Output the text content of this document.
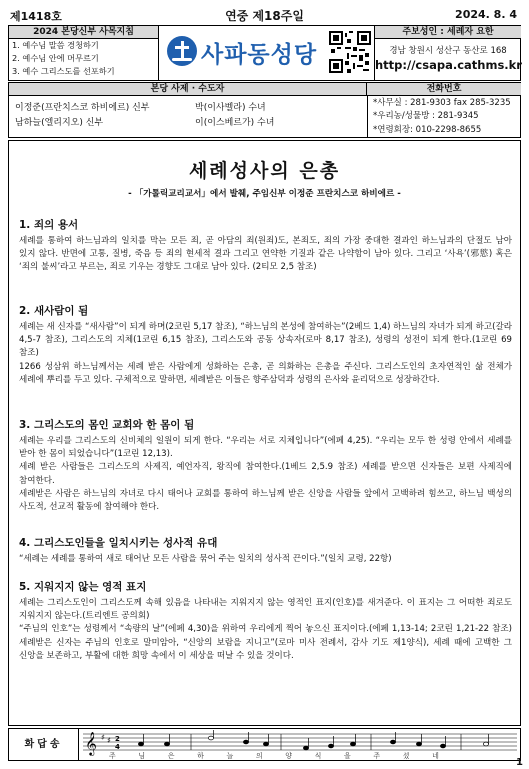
제1418호	연중 제18주일	2024. 8. 4
2024 본당신부 사목지침
1. 예수님 말씀 경청하기
2. 예수님 안에 머무르기
3. 예수 그리스도를 선포하기
사파동성당
주보성인 : 세례자 요한
경남 창원시 성산구 동산로 168
http://csapa.cathms.kr
본당 사제 · 수도자	전화번호
이정준(프란치스코 하비에르) 신부
남하늘(엘리지오) 신부
박(이사벨라) 수녀
이(이스베르가) 수녀
*사무실 : 281-9303 fax 285-3235
*우리농/성물방 : 281-9345
*연령회장: 010-2298-8655
세례성사의 은총
- 「가톨릭교리교서」에서 발췌, 주임신부 이정준 프란치스코 하비에르 -
1. 죄의 용서

세례를 통하여 하느님과의 일치를 막는 모든 죄, 곧 아담의 죄(원죄)도, 본죄도, 죄의 가장 중대한 결과인 하느님과의 단절도 남아 있지 않다. 반면에 고통, 질병, 죽음 등 죄의 현세적 결과 그리고 연약한 기질과 같은 나약함이 남아 있다. 그리고 ‘사욕’(邪慾) 혹은 ‘죄의 불씨’라고 부르는, 죄로 기우는 경향도 그대로 남아 있다. (2티모 2,5 참조)

2. 새사람이 됨

세례는 새 신자를 “새사람”이 되게 하며(2코린 5,17 참조), “하느님의 본성에 참여하는”(2베드 1,4) 하느님의 자녀가 되게 하고(갈라 4,5-7 참조), 그리스도의 지체(1코린 6,15 참조), 그리스도와 공동 상속자(로마 8,17 참조), 성령의 성전이 되게 한다.(1코린 69 참조)

1266 성삼위 하느님께서는 세례 받은 사람에게 성화하는 은총, 곧 의화하는 은총을 주신다. 그리스도인의 초자연적인 삶 전체가 세례에 뿌리를 두고 있다. 구체적으로 말하면, 세례받은 이들은 향주삼덕과 성령의 은사와 윤리덕으로 성장하간다.

3. 그리스도의 몸인 교회와 한 몸이 됨

세례는 우리를 그리스도의 신비체의 일원이 되게 한다. “우리는 서로 지체입니다”(에페 4,25). “우리는 모두 한 성령 안에서 세례를 받아 한 몸이 되었습니다”(1코린 12,13).

세례 받은 사람들은 그리스도의 사제직, 예언자직, 왕직에 참여한다.(1베드 2,5.9 참조) 세례를 받으면 신자들은 보편 사제직에 참여한다.

세례받은 사람은 하느님의 자녀로 다시 태어나 교회를 통하여 하느님께 받은 신앙을 사람들 앞에서 고백하려 힘쓰고, 하느님 백성의 사도적, 선교적 활동에 참여해야 한다.

4. 그리스도인들을 일치시키는 성사적 유대

“세례는 세례를 통하여 새로 태어난 모든 사람을 묶어 주는 일치의 성사적 끈이다.”(일치 교령, 22항)

5. 지워지지 않는 영적 표지

세례는 그리스도인이 그리스도께 속해 있음을 나타내는 지워지지 않는 영적인 표지(인호)를 새겨준다. 이 표지는 그 어떠한 죄로도 지워지지 않는다.(트리엔트 공의회)

“주님의 인호”는 성령께서 “속량의 날”(에페 4,30)을 위하여 우리에게 찍어 놓으신 표지이다.(에페 1,13-14; 2코린 1,21-22 참조) 세례받은 신자는 주님의 인호로 말미암아, “신앙의 보람을 지니고”(로마 미사 전례서, 감사 기도 제1양식), 세례 때에 고백한 그 신앙을 보존하고, 부활에 대한 희망 속에서 이 세상을 떠날 수 있을 것이다.

화답송	𝄞 ♯ ♯ 2
4
주	님	은	하	늘	의	양	식	을	주	셨	네
1
